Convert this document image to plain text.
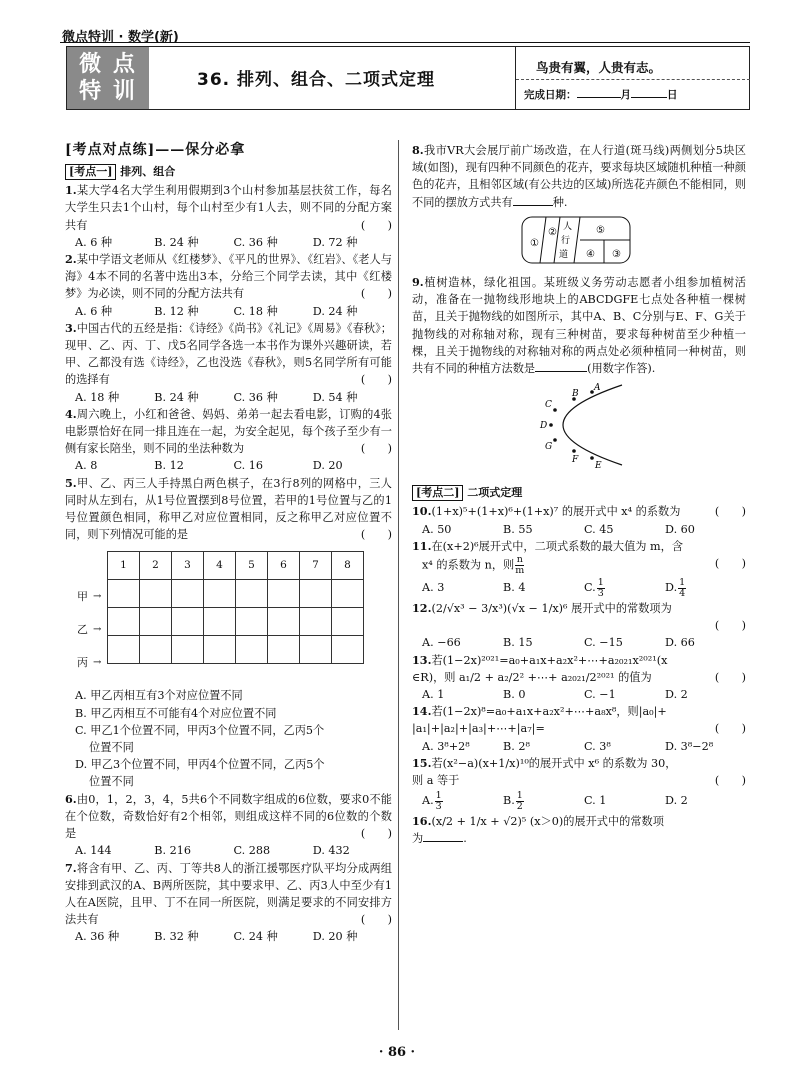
微点特训 · 数学(新)
微 点
特 训	36. 排列、组合、二项式定理
鸟贵有翼，人贵有志。
完成日期：	月	日
[考点对点练]——保分必拿
[考点一] 排列、组合

1.某大学4名大学生利用假期到3个山村参加基层扶贫工作，每名大学生只去1个山村，每个山村至少有1人去，则不同的分配方案共有	(　　)

A. 6 种	B. 24 种	C. 36 种	D. 72 种

2.某中学语文老师从《红楼梦》、《平凡的世界》、《红岩》、《老人与海》4本不同的名著中选出3本，分给三个同学去读，其中《红楼梦》为必读，则不同的分配方法共有	(　　)

A. 6 种	B. 12 种	C. 18 种	D. 24 种

3.中国古代的五经是指：《诗经》《尚书》《礼记》《周易》《春秋》；现甲、乙、丙、丁、戊5名同学各选一本书作为课外兴趣研读，若甲、乙都没有选《诗经》，乙也没选《春秋》，则5名同学所有可能的选择有	(　　)

A. 18 种	B. 24 种	C. 36 种	D. 54 种

4.周六晚上，小红和爸爸、妈妈、弟弟一起去看电影，订购的4张电影票恰好在同一排且连在一起，为安全起见，每个孩子至少有一侧有家长陪坐，则不同的坐法种数为	(　　)

A. 8	B. 12	C. 16	D. 20

5.甲、乙、丙三人手持黑白两色棋子，在3行8列的网格中，三人同时从左到右，从1号位置摆到8号位置，若甲的1号位置与乙的1号位置颜色相同，称甲乙对应位置相同，反之称甲乙对应位置不同，则下列情况可能的是	(　　)

1	2	3	4	5	6	7	8

甲 →
乙 →
丙 →

A. 甲乙丙相互有3个对应位置不同

B. 甲乙丙相互不可能有4个对应位置不同

C. 甲乙1个位置不同，甲丙3个位置不同，乙丙5个

位置不同

D. 甲乙3个位置不同，甲丙4个位置不同，乙丙5个

位置不同

6.由0，1，2，3，4，5共6个不同数字组成的6位数，要求0不能在个位数，奇数恰好有2个相邻，则组成这样不同的6位数的个数是	(　　)

A. 144	B. 216	C. 288	D. 432

7.将含有甲、乙、丙、丁等共8人的浙江援鄂医疗队平均分成两组安排到武汉的A、B两所医院，其中要求甲、乙、丙3人中至少有1人在A医院，且甲、丁不在同一所医院，则满足要求的不同安排方法共有	(　　)

A. 36 种	B. 32 种	C. 24 种	D. 20 种

8.我市VR大会展厅前广场改造，在人行道(斑马线)两侧划分5块区域(如图)，现有四种不同颜色的花卉，要求每块区域随机种植一种颜色的花卉，且相邻区域(有公共边的区域)所选花卉颜色不能相同，则不同的摆放方式共有	种.

①
②
③
④
⑤
人
行
道

9.植树造林，绿化祖国。某班级义务劳动志愿者小组参加植树活动，准备在一抛物线形地块上的ABCDGFE七点处各种植一棵树苗，且关于抛物线的如图所示，其中A、B、C分别与E、F、G关于抛物线的对称轴对称，现有三种树苗，要求每种树苗至少种植一棵，且关于抛物线的对称轴对称的两点处必须种植同一种树苗，则共有不同的种植方法数是	(用数字作答).

A
B
C
D
G
F
E
[考点二] 二项式定理

10.(1+x)⁵+(1+x)⁶+(1+x)⁷ 的展开式中 x⁴ 的系数为	(　　)

A. 50	B. 55	C. 45	D. 60

11.在(x+2)⁶展开式中，二项式系数的最大值为 m，含

x⁴ 的系数为 n，则 $\frac{n}{m}$	(　　)

A. 3	B. 4	C. $\frac{1}{3}$	D. $\frac{1}{4}$

12.(2/√x³ − 3/x³)(√x − 1/x)⁶ 展开式中的常数项为

(　　)

A. −66	B. 15	C. −15	D. 66

13.若(1−2x)²⁰²¹=a₀+a₁x+a₂x²+⋯+a₂₀₂₁x²⁰²¹(x

∈R)，则 a₁/2 + a₂/2² +⋯+ a₂₀₂₁/2²⁰²¹ 的值为	(　　)

A. 1	B. 0	C. −1	D. 2

14.若(1−2x)⁸=a₀+a₁x+a₂x²+⋯+a₈x⁸，则|a₀|+

|a₁|+|a₂|+|a₃|+⋯+|a₇|=	(　　)

A. 3⁸+2⁸	B. 2⁸	C. 3⁸	D. 3⁸−2⁸

15.若(x²−a)(x+1/x)¹⁰的展开式中 x⁶ 的系数为 30，

则 a 等于	(　　)

A. $\frac{1}{3}$	B. $\frac{1}{2}$	C. 1	D. 2

16.(x/2 + 1/x + √2)⁵ (x＞0)的展开式中的常数项

为	.

· 86 ·
